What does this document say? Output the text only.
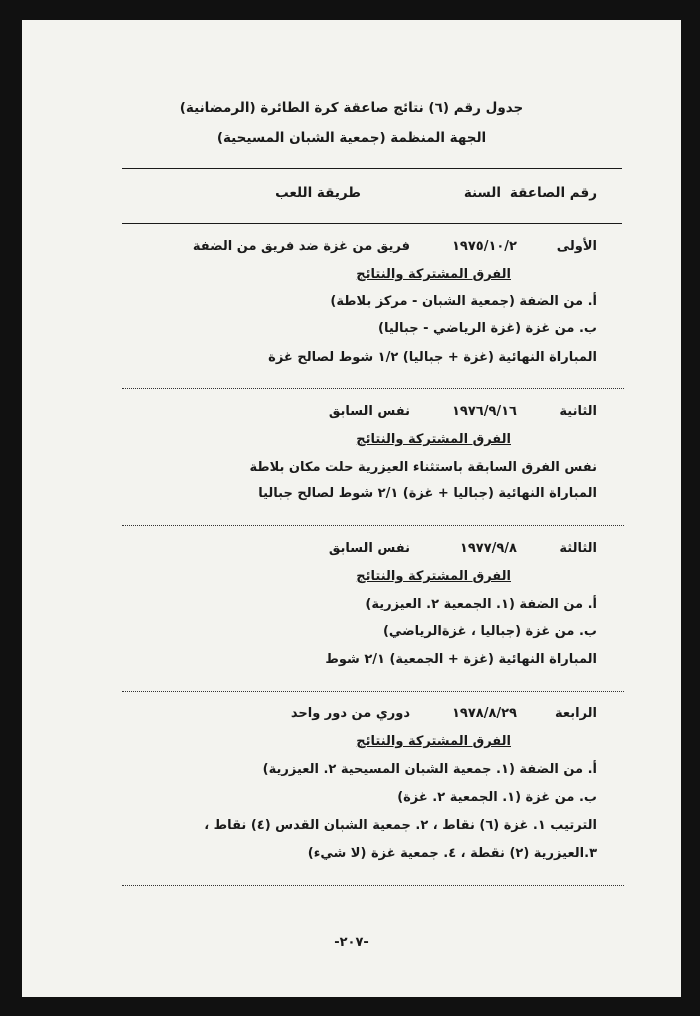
جدول رقم (٦) نتائج صاعقة كرة الطائرة (الرمضانية)
الجهة المنظمة (جمعية الشبان المسيحية)
رقم الصاعقة
السنة
طريقة اللعب
الأولى
١٩٧٥/١٠/٢
فريق من غزة ضد فريق من الضفة
الفرق المشتركة والنتائج
أ. من الضفة (جمعية الشبان - مركز بلاطة)
ب. من غزة (غزة الرياضي - جباليا)
المباراة النهائية (غزة + جباليا) ١/٢ شوط لصالح غزة
الثانية
١٩٧٦/٩/١٦
نفس السابق
الفرق المشتركة والنتائج
نفس الفرق السابقة باستثناء العيزرية حلت مكان بلاطة
المباراة النهائية (جباليا + غزة) ٢/١ شوط لصالح جباليا
الثالثة
١٩٧٧/٩/٨
نفس السابق
الفرق المشتركة والنتائج
أ. من الضفة (١. الجمعية ٢. العيزرية)
ب. من غزة (جباليا ، غزةالرياضي)
المباراة النهائية (غزة + الجمعية) ٢/١ شوط
الرابعة
١٩٧٨/٨/٢٩
دوري من دور واحد
الفرق المشتركة والنتائج
أ. من الضفة (١. جمعية الشبان المسيحية ٢. العيزرية)
ب. من غزة (١. الجمعية ٢. غزة)
الترتيب ١. غزة (٦) نقاط ، ٢. جمعية الشبان القدس (٤) نقاط ،
٣.العيزرية (٢) نقطة ، ٤. جمعية غزة (لا شيء)
-٢٠٧-
